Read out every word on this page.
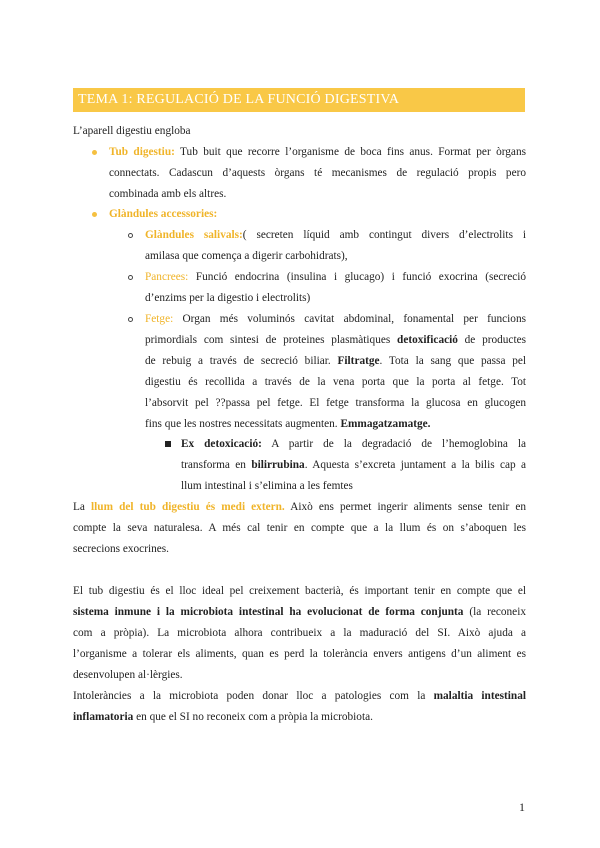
TEMA 1: REGULACIÓ DE LA FUNCIÓ DIGESTIVA
L’aparell digestiu engloba
Tub digestiu: Tub buit que recorre l’organisme de boca fins anus. Format per òrgans
connectats. Cadascun d’aquests òrgans té mecanismes de regulació propis pero
combinada amb els altres.
Glàndules accessories:
Glàndules salivals:( secreten líquid amb contingut divers d’electrolits i
amilasa que comença a digerir carbohidrats),
Pancrees: Funció endocrina (insulina i glucago) i funció exocrina (secreció
d’enzims per la digestio i electrolits)
Fetge: Organ més voluminós cavitat abdominal, fonamental per funcions
primordials com sintesi de proteines plasmàtiques detoxificació de productes
de rebuig a través de secreció biliar. Filtratge. Tota la sang que passa pel
digestiu és recollida a través de la vena porta que la porta al fetge. Tot
l’absorvit pel ??passa pel fetge. El fetge transforma la glucosa en glucogen
fins que les nostres necessitats augmenten. Emmagatzamatge.
Ex detoxicació: A partir de la degradació de l’hemoglobina la
transforma en bilirrubina. Aquesta s’excreta juntament a la bilis cap a
llum intestinal i s’elimina a les femtes
La llum del tub digestiu és medi extern. Això ens permet ingerir aliments sense tenir en
compte la seva naturalesa. A més cal tenir en compte que a la llum és on s’aboquen les
secrecions exocrines.
El tub digestiu és el lloc ideal pel creixement bacterià, és important tenir en compte que el
sistema inmune i la microbiota intestinal ha evolucionat de forma conjunta (la reconeix
com a pròpia). La microbiota alhora contribueix a la maduració del SI. Això ajuda a
l’organisme a tolerar els aliments, quan es perd la tolerància envers antigens d’un aliment es
desenvolupen al·lèrgies.
Intoleràncies a la microbiota poden donar lloc a patologies com la malaltia intestinal
inflamatoria en que el SI no reconeix com a pròpia la microbiota.
1
